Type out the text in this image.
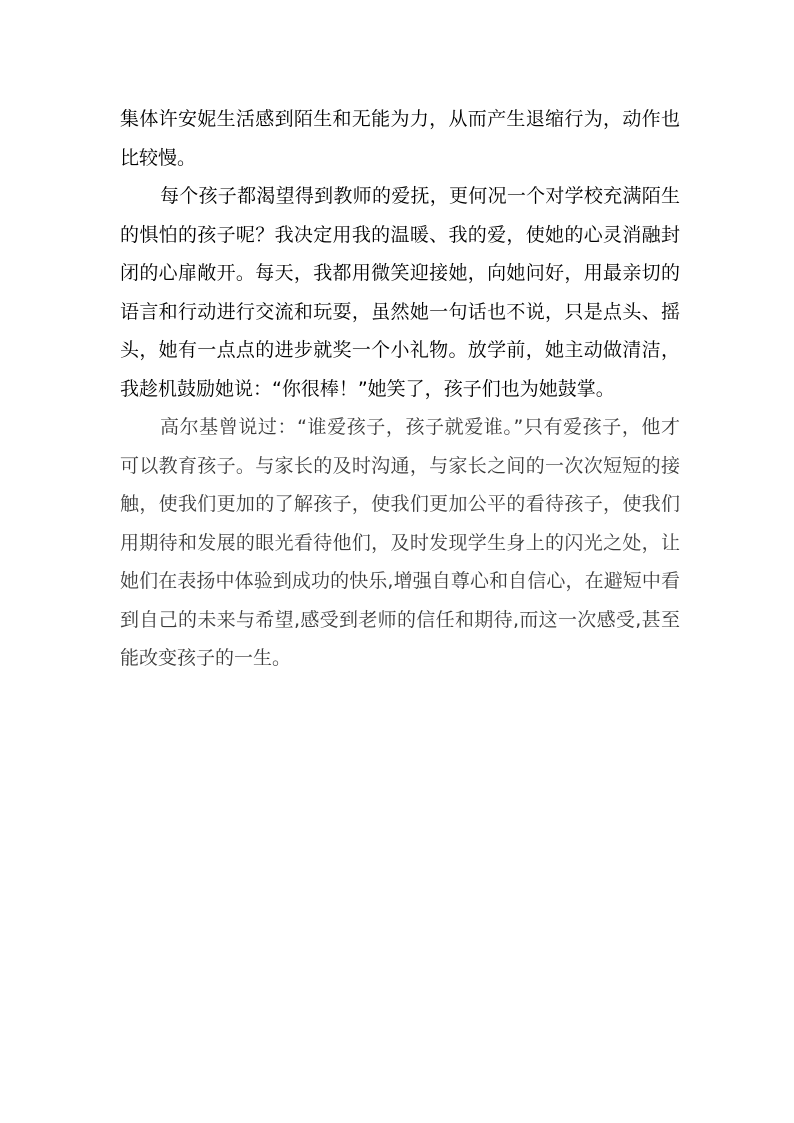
集体许安妮生活感到陌生和无能为力，从而产生退缩行为，动作也比较慢。

每个孩子都渴望得到教师的爱抚，更何况一个对学校充满陌生的惧怕的孩子呢？我决定用我的温暖、我的爱，使她的心灵消融封闭的心扉敞开。每天，我都用微笑迎接她，向她问好，用最亲切的语言和行动进行交流和玩耍，虽然她一句话也不说，只是点头、摇头，她有一点点的进步就奖一个小礼物。放学前，她主动做清洁，我趁机鼓励她说：“你很棒！”她笑了，孩子们也为她鼓掌。

高尔基曾说过：“谁爱孩子，孩子就爱谁。”只有爱孩子，他才可以教育孩子。与家长的及时沟通，与家长之间的一次次短短的接触，使我们更加的了解孩子，使我们更加公平的看待孩子，使我们用期待和发展的眼光看待他们，及时发现学生身上的闪光之处，让她们在表扬中体验到成功的快乐,增强自尊心和自信心，在避短中看到自己的未来与希望,感受到老师的信任和期待,而这一次感受,甚至能改变孩子的一生。
